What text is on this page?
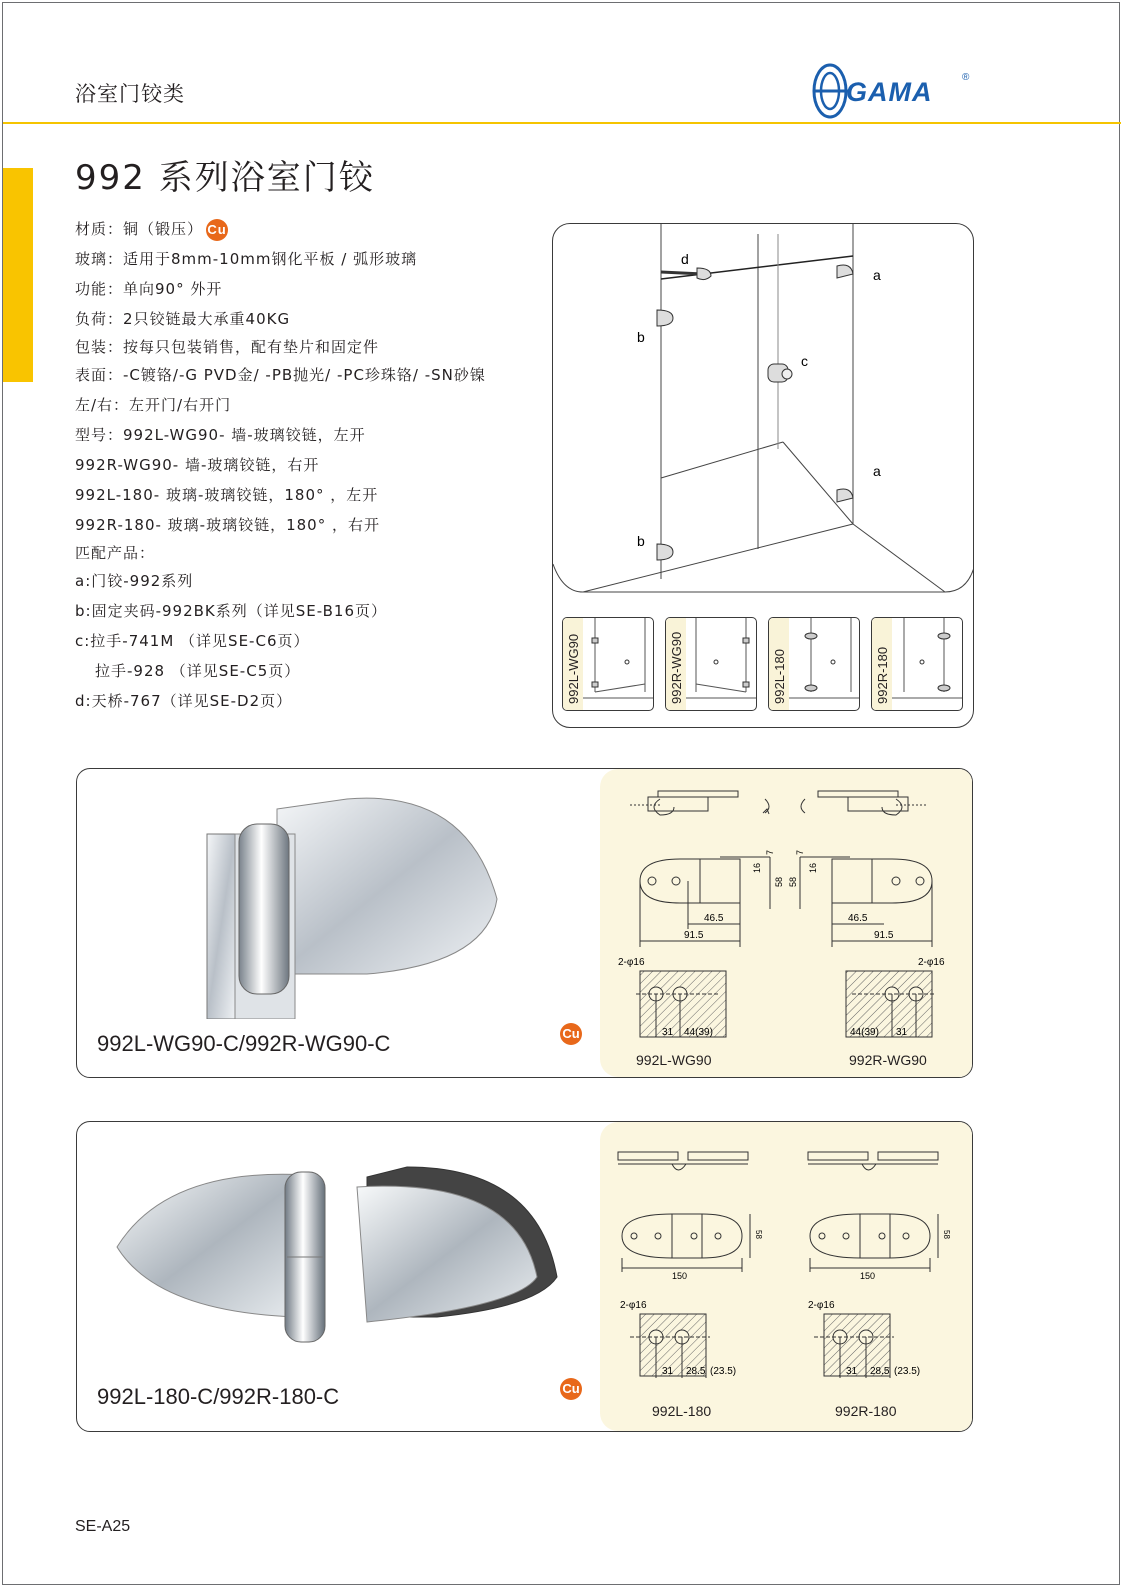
浴室门铰类	GAMA	®
992 系列浴室门铰
材质：铜（锻压） Cu
玻璃：适用于8mm-10mm钢化平板 / 弧形玻璃
功能：单向90° 外开
负荷：2只铰链最大承重40KG
包装：按每只包装销售，配有垫片和固定件
表面：-C镀铬/-G PVD金/ -PB抛光/ -PC珍珠铬/ -SN砂镍
左/右：左开门/右开门
型号：992L-WG90- 墙-玻璃铰链，左开
992R-WG90- 墙-玻璃铰链，右开
992L-180- 玻璃-玻璃铰链，180° ，左开
992R-180- 玻璃-玻璃铰链，180° ，右开
匹配产品：
a:门铰-992系列
b:固定夹码-992BK系列（详见SE-B16页）
c:拉手-741M （详见SE-C6页）
拉手-928 （详见SE-C5页）
d:天桥-767（详见SE-D2页）
d
a
b
c
a
b
992L-WG90	992R-WG90	992L-180	992R-180
992L-WG90-C/992R-WG90-C	Cu
7
16
58
46.5
91.5
7
16
58
46.5
91.5
2-φ16	2-φ16
31 44(39)	44(39) 31
992L-WG90	992R-WG90
992L-180-C/992R-180-C	Cu
58
150
58
150
2-φ16	2-φ16
31 28.5 (23.5)	31 28.5 (23.5)
992L-180	992R-180
SE-A25
